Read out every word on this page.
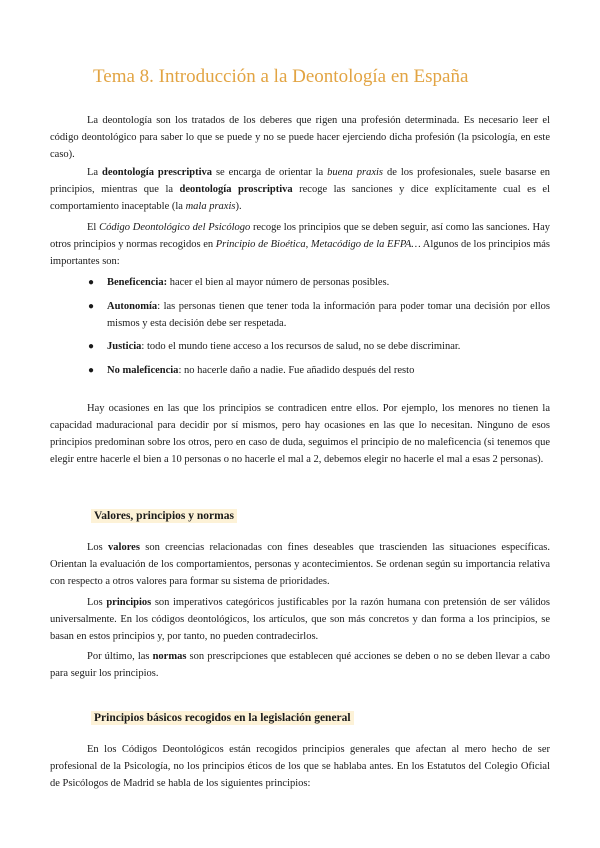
Tema 8. Introducción a la Deontología en España

La deontología son los tratados de los deberes que rigen una profesión determinada. Es necesario leer el código deontológico para saber lo que se puede y no se puede hacer ejerciendo dicha profesión (la psicología, en este caso).

La deontología prescriptiva se encarga de orientar la buena praxis de los profesionales, suele basarse en principios, mientras que la deontología proscriptiva recoge las sanciones y dice explícitamente cual es el comportamiento inaceptable (la mala praxis).

El Código Deontológico del Psicólogo recoge los principios que se deben seguir, así como las sanciones. Hay otros principios y normas recogidos en Principio de Bioética, Metacódigo de la EFPA… Algunos de los principios más importantes son:

● Beneficencia: hacer el bien al mayor número de personas posibles.
● Autonomía: las personas tienen que tener toda la información para poder tomar una decisión por ellos mismos y esta decisión debe ser respetada.
● Justicia: todo el mundo tiene acceso a los recursos de salud, no se debe discriminar.
● No maleficencia: no hacerle daño a nadie. Fue añadido después del resto

Hay ocasiones en las que los principios se contradicen entre ellos. Por ejemplo, los menores no tienen la capacidad maduracional para decidir por sí mismos, pero hay ocasiones en las que lo necesitan. Ninguno de esos principios predominan sobre los otros, pero en caso de duda, seguimos el principio de no maleficencia (si tenemos que elegir entre hacerle el bien a 10 personas o no hacerle el mal a 2, debemos elegir no hacerle el mal a esas 2 personas).

Valores, principios y normas

Los valores son creencias relacionadas con fines deseables que trascienden las situaciones específicas. Orientan la evaluación de los comportamientos, personas y acontecimientos. Se ordenan según su importancia relativa con respecto a otros valores para formar su sistema de prioridades.

Los principios son imperativos categóricos justificables por la razón humana con pretensión de ser válidos universalmente. En los códigos deontológicos, los artículos, que son más concretos y dan forma a los principios, se basan en estos principios y, por tanto, no pueden contradecirlos.

Por último, las normas son prescripciones que establecen qué acciones se deben o no se deben llevar a cabo para seguir los principios.

Principios básicos recogidos en la legislación general

En los Códigos Deontológicos están recogidos principios generales que afectan al mero hecho de ser profesional de la Psicología, no los principios éticos de los que se hablaba antes. En los Estatutos del Colegio Oficial de Psicólogos de Madrid se habla de los siguientes principios:
